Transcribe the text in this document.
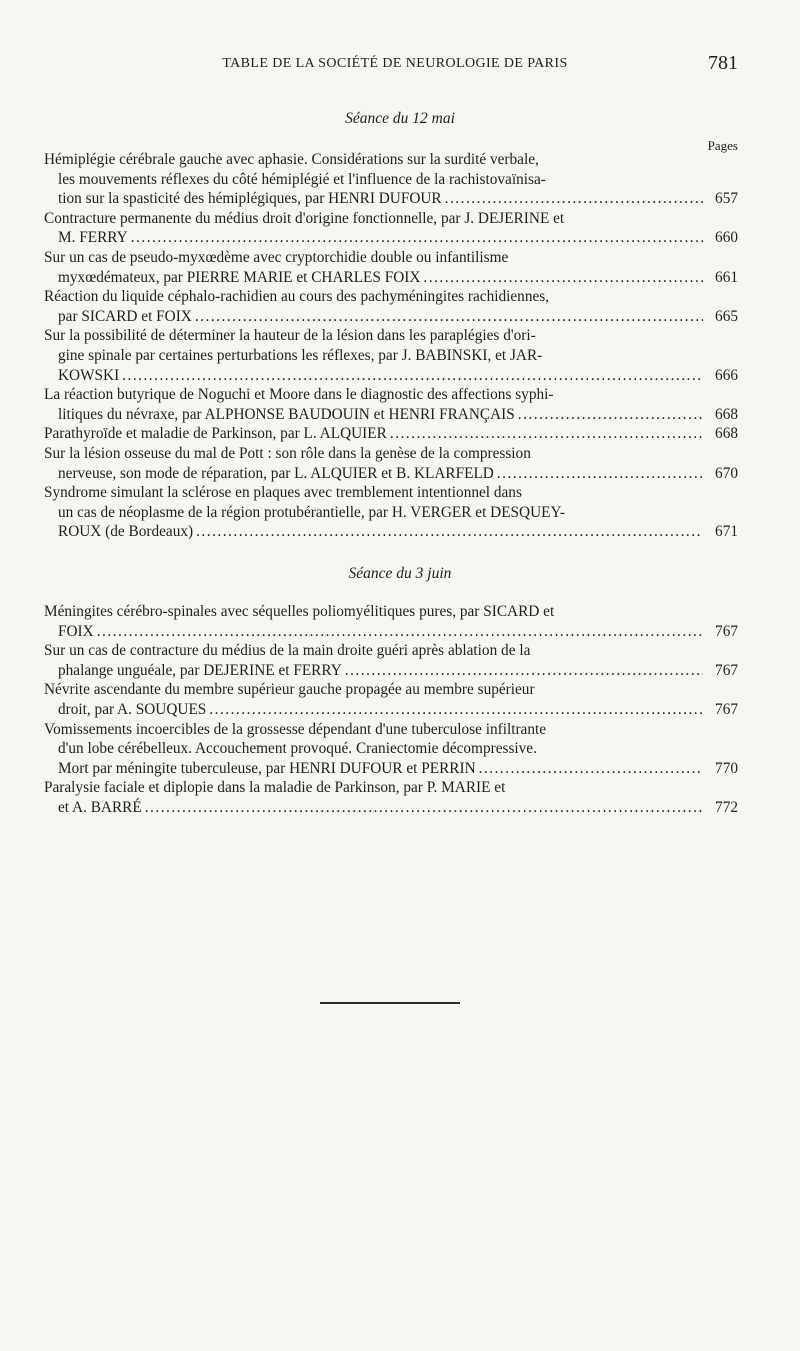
TABLE DE LA SOCIÉTÉ DE NEUROLOGIE DE PARIS	781
Séance du 12 mai
Pages
Hémiplégie cérébrale gauche avec aphasie. Considérations sur la surdité verbale,
les mouvements réflexes du côté hémiplégié et l'influence de la rachistovaïnisa-
tion sur la spasticité des hémiplégiques, par HENRI DUFOUR .....	657
Contracture permanente du médius droit d'origine fonctionnelle, par J. DEJERINE et
M. FERRY .....	660
Sur un cas de pseudo-myxœdème avec cryptorchidie double ou infantilisme
myxœdémateux, par PIERRE MARIE et CHARLES FOIX .....	661
Réaction du liquide céphalo-rachidien au cours des pachyméningites rachidiennes,
par SICARD et FOIX .....	665
Sur la possibilité de déterminer la hauteur de la lésion dans les paraplégies d'ori-
gine spinale par certaines perturbations les réflexes, par J. BABINSKI, et JAR-
KOWSKI .....	666
La réaction butyrique de Noguchi et Moore dans le diagnostic des affections syphi-
litiques du névraxe, par ALPHONSE BAUDOUIN et HENRI FRANÇAIS .....	668
Parathyroïde et maladie de Parkinson, par L. ALQUIER .....	668
Sur la lésion osseuse du mal de Pott : son rôle dans la genèse de la compression
nerveuse, son mode de réparation, par L. ALQUIER et B. KLARFELD .....	670
Syndrome simulant la sclérose en plaques avec tremblement intentionnel dans
un cas de néoplasme de la région protubérantielle, par H. VERGER et DESQUEY-
ROUX (de Bordeaux) .....	671
Séance du 3 juin
Méningites cérébro-spinales avec séquelles poliomyélitiques pures, par SICARD et
FOIX .....	767
Sur un cas de contracture du médius de la main droite guéri après ablation de la
phalange unguéale, par DEJERINE et FERRY .....	767
Névrite ascendante du membre supérieur gauche propagée au membre supérieur
droit, par A. SOUQUES .....	767
Vomissements incoercibles de la grossesse dépendant d'une tuberculose infiltrante
d'un lobe cérébelleux. Accouchement provoqué. Craniectomie décompressive.
Mort par méningite tuberculeuse, par HENRI DUFOUR et PERRIN .....	770
Paralysie faciale et diplopie dans la maladie de Parkinson, par P. MARIE et
et A. BARRÉ .....	772
